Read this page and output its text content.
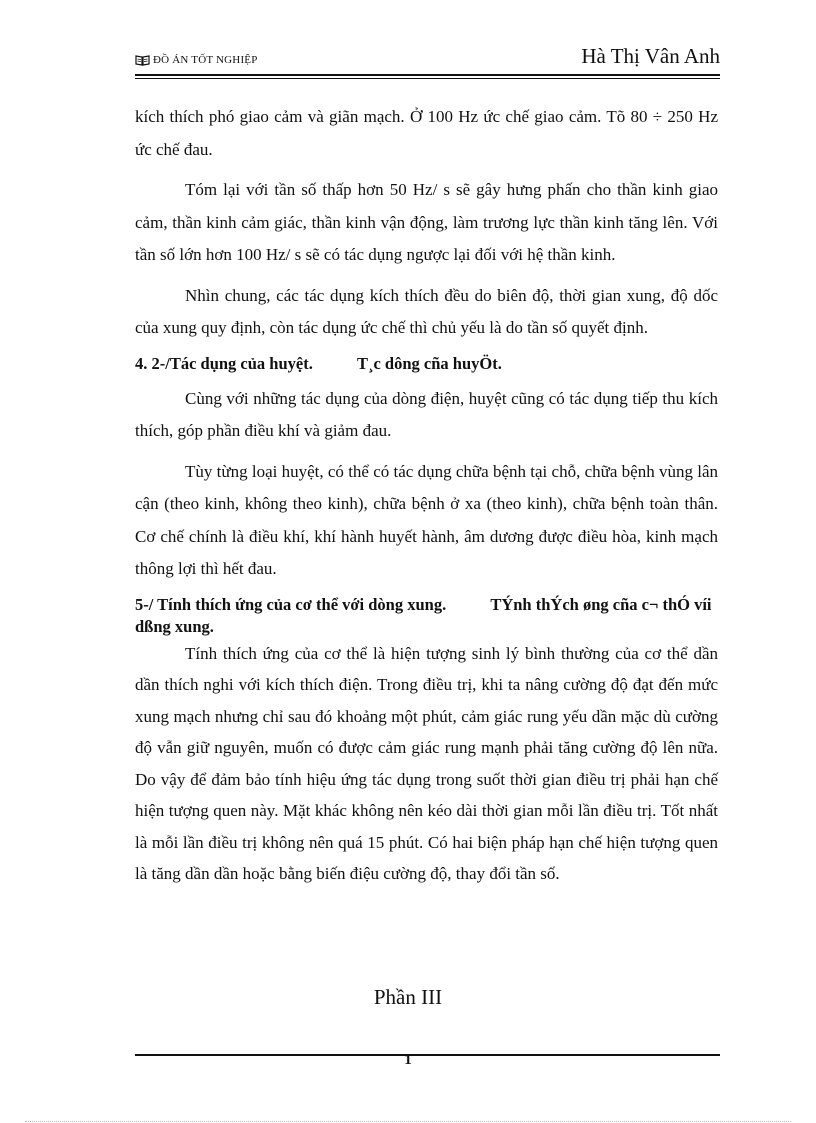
ĐỒ ÁN TỐT NGHIỆP	Hà Thị Vân Anh

kích thích phó giao cảm và giãn mạch. Ở 100 Hz ức chế giao cảm. Tõ 80 ÷ 250 Hz ức chế đau.

Tóm lại với tần số thấp hơn 50 Hz/ s sẽ gây hưng phấn cho thần kinh giao cảm, thần kinh cảm giác, thần kinh vận động, làm trương lực thần kinh tăng lên. Với tần số lớn hơn 100 Hz/ s sẽ có tác dụng ngược lại đối với hệ thần kinh.

Nhìn chung, các tác dụng kích thích đều do biên độ, thời gian xung, độ dốc của xung quy định, còn tác dụng ức chế thì chủ yếu là do tần số quyết định.

4. 2-/Tác dụng của huyệt.	T¸c dông cña huyÖt.

Cùng với những tác dụng của dòng điện, huyệt cũng có tác dụng tiếp thu kích thích, góp phần điều khí và giảm đau.

Tùy từng loại huyệt, có thể có tác dụng chữa bệnh tại chỗ, chữa bệnh vùng lân cận (theo kinh, không theo kinh), chữa bệnh ở xa (theo kinh), chữa bệnh toàn thân. Cơ chế chính là điều khí, khí hành huyết hành, âm dương được điều hòa, kinh mạch thông lợi thì hết đau.

5-/ Tính thích ứng của cơ thể với dòng xung.	TÝnh thÝch øng cña c¬ thÓ víi dßng xung.

Tính thích ứng của cơ thể là hiện tượng sinh lý bình thường của cơ thể dần dần thích nghi với kích thích điện. Trong điều trị, khi ta nâng cường độ đạt đến mức xung mạch nhưng chỉ sau đó khoảng một phút, cảm giác rung yếu dần mặc dù cường độ vẫn giữ nguyên, muốn có được cảm giác rung mạnh phải tăng cường độ lên nữa. Do vậy để đảm bảo tính hiệu ứng tác dụng trong suốt thời gian điều trị phải hạn chế hiện tượng quen này. Mặt khác không nên kéo dài thời gian mỗi lần điều trị. Tốt nhất là mỗi lần điều trị không nên quá 15 phút. Có hai biện pháp hạn chế hiện tượng quen là tăng dần dần hoặc bằng biến điệu cường độ, thay đổi tần số.

Phần III
1
